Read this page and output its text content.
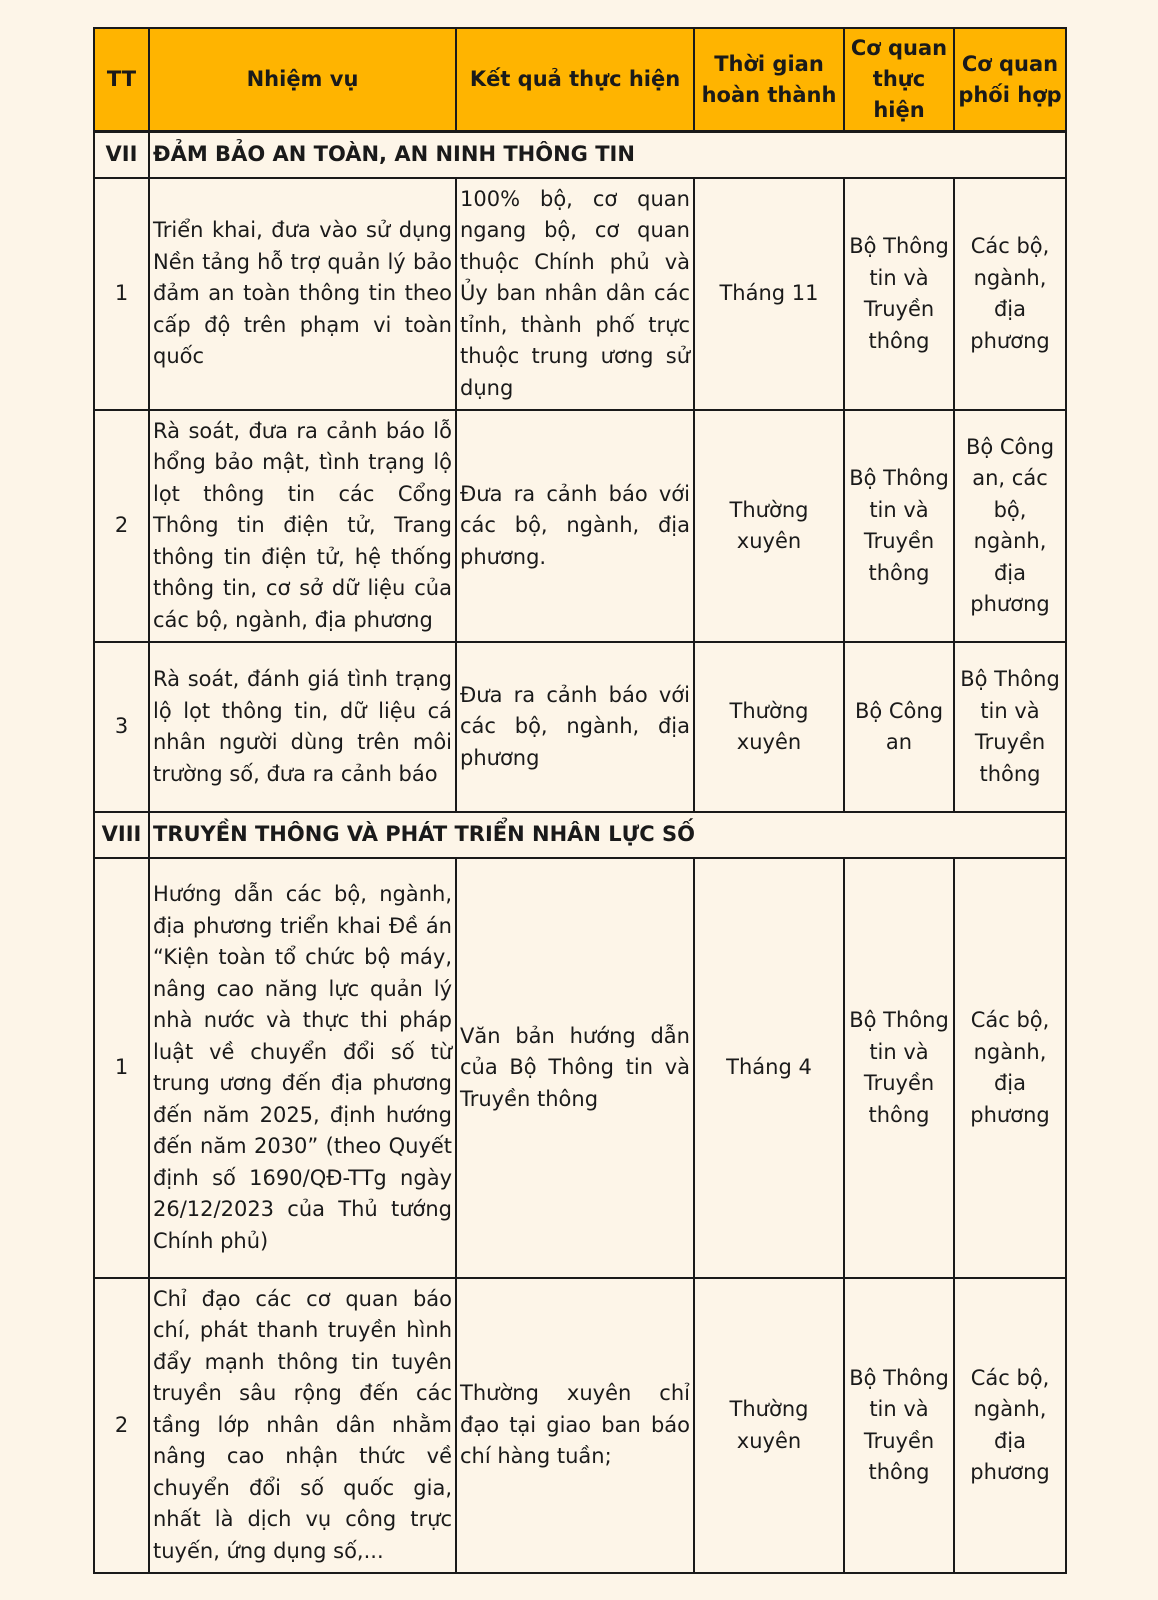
TT	Nhiệm vụ	Kết quả thực hiện	Thời gian hoàn thành	Cơ quan thực hiện	Cơ quan phối hợp
VII	ĐẢM BẢO AN TOÀN, AN NINH THÔNG TIN				
1	Triển khai, đưa vào sử dụng Nền tảng hỗ trợ quản lý bảo đảm an toàn thông tin theo cấp độ trên phạm vi toàn quốc	100% bộ, cơ quan ngang bộ, cơ quan thuộc Chính phủ và Ủy ban nhân dân các tỉnh, thành phố trực thuộc trung ương sử dụng	Tháng 11	Bộ Thông tin và Truyền thông	Các bộ, ngành, địa phương
2	Rà soát, đưa ra cảnh báo lỗ hổng bảo mật, tình trạng lộ lọt thông tin các Cổng Thông tin điện tử, Trang thông tin điện tử, hệ thống thông tin, cơ sở dữ liệu của các bộ, ngành, địa phương	Đưa ra cảnh báo với các bộ, ngành, địa phương.	Thường xuyên	Bộ Thông tin và Truyền thông	Bộ Công an, các bộ, ngành, địa phương
3	Rà soát, đánh giá tình trạng lộ lọt thông tin, dữ liệu cá nhân người dùng trên môi trường số, đưa ra cảnh báo	Đưa ra cảnh báo với các bộ, ngành, địa phương	Thường xuyên	Bộ Công an	Bộ Thông tin và Truyền thông
VIII	TRUYỀN THÔNG VÀ PHÁT TRIỂN NHÂN LỰC SỐ				
1	Hướng dẫn các bộ, ngành, địa phương triển khai Đề án “Kiện toàn tổ chức bộ máy, nâng cao năng lực quản lý nhà nước và thực thi pháp luật về chuyển đổi số từ trung ương đến địa phương đến năm 2025, định hướng đến năm 2030” (theo Quyết định số 1690/QĐ-TTg ngày 26/12/2023 của Thủ tướng Chính phủ)	Văn bản hướng dẫn của Bộ Thông tin và Truyền thông	Tháng 4	Bộ Thông tin và Truyền thông	Các bộ, ngành, địa phương
2	Chỉ đạo các cơ quan báo chí, phát thanh truyền hình đẩy mạnh thông tin tuyên truyền sâu rộng đến các tầng lớp nhân dân nhằm nâng cao nhận thức về chuyển đổi số quốc gia, nhất là dịch vụ công trực tuyến, ứng dụng số,...	Thường xuyên chỉ đạo tại giao ban báo chí hàng tuần;	Thường xuyên	Bộ Thông tin và Truyền thông	Các bộ, ngành, địa phương
